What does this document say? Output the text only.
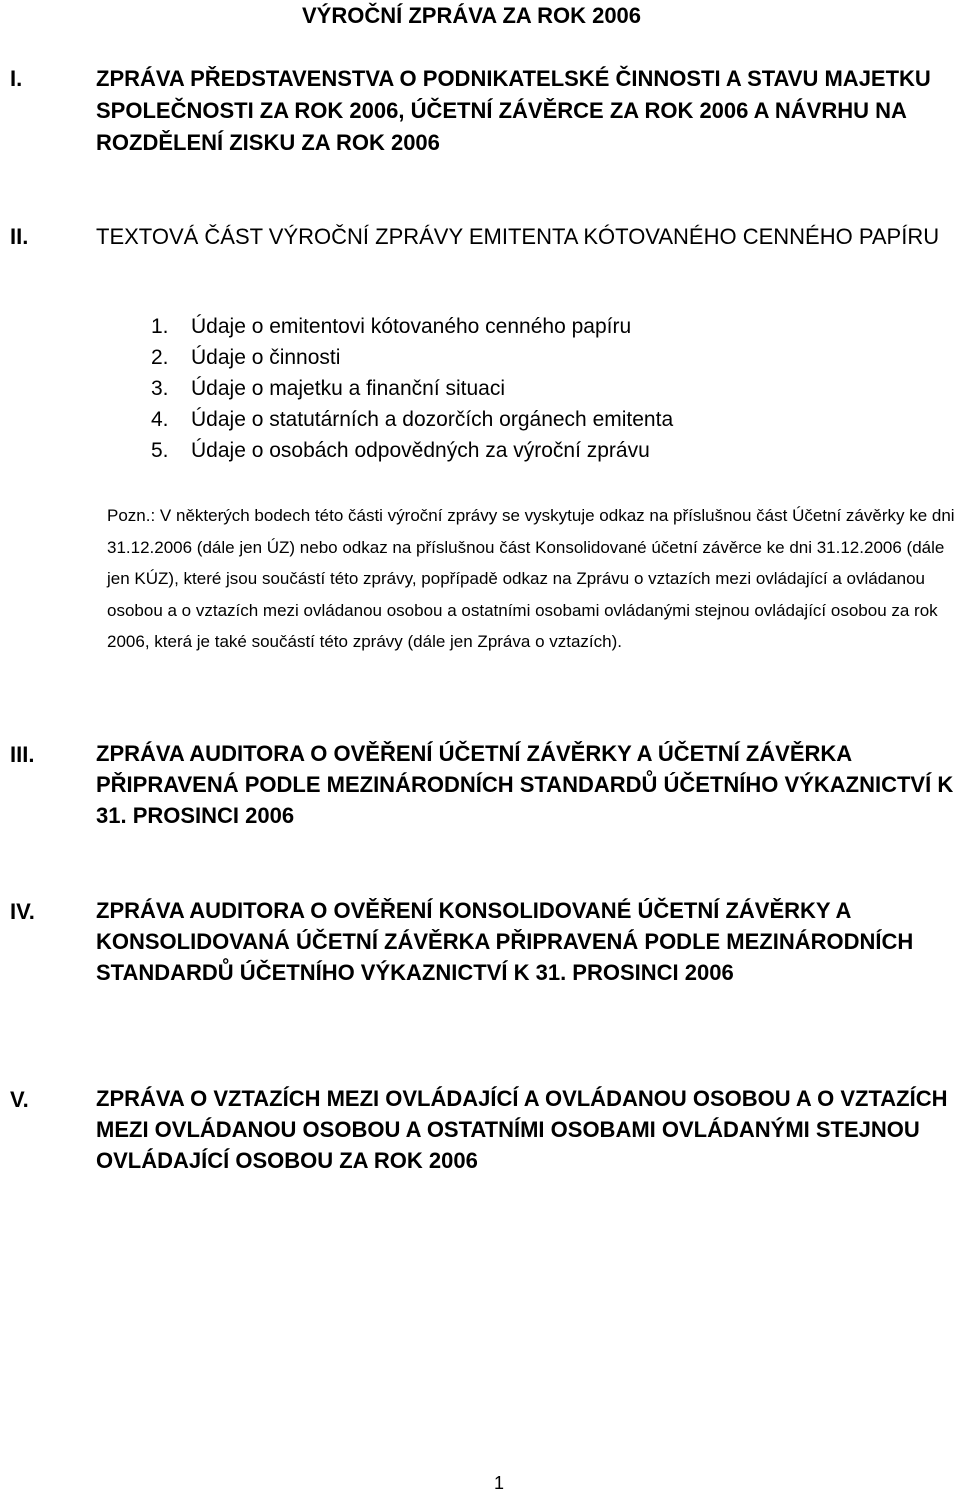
VÝROČNÍ ZPRÁVA ZA ROK 2006
I.	ZPRÁVA PŘEDSTAVENSTVA O PODNIKATELSKÉ ČINNOSTI A STAVU MAJETKU SPOLEČNOSTI ZA ROK 2006, ÚČETNÍ ZÁVĚRCE ZA ROK 2006 A NÁVRHU NA ROZDĚLENÍ ZISKU ZA ROK 2006
II.	TEXTOVÁ ČÁST VÝROČNÍ ZPRÁVY EMITENTA KÓTOVANÉHO CENNÉHO PAPÍRU
1. Údaje o emitentovi kótovaného cenného papíru
2. Údaje o činnosti
3. Údaje o majetku a finanční situaci
4. Údaje o statutárních a dozorčích orgánech emitenta
5. Údaje o osobách odpovědných za výroční zprávu
Pozn.: V některých bodech této části výroční zprávy se vyskytuje odkaz na příslušnou část Účetní závěrky ke dni 31.12.2006 (dále jen ÚZ) nebo odkaz na příslušnou část Konsolidované účetní závěrce ke dni 31.12.2006 (dále jen KÚZ), které jsou součástí této zprávy, popřípadě odkaz na Zprávu o vztazích mezi ovládající a ovládanou osobou a o vztazích mezi ovládanou osobou a ostatními osobami ovládanými stejnou ovládající osobou za rok 2006, která je také součástí této zprávy (dále jen Zpráva o vztazích).
III.	ZPRÁVA AUDITORA O OVĚŘENÍ ÚČETNÍ ZÁVĚRKY A ÚČETNÍ ZÁVĚRKA PŘIPRAVENÁ PODLE MEZINÁRODNÍCH STANDARDŮ ÚČETNÍHO VÝKAZNICTVÍ K 31. PROSINCI 2006
IV.	ZPRÁVA AUDITORA O OVĚŘENÍ KONSOLIDOVANÉ ÚČETNÍ ZÁVĚRKY A KONSOLIDOVANÁ ÚČETNÍ ZÁVĚRKA PŘIPRAVENÁ PODLE MEZINÁRODNÍCH STANDARDŮ ÚČETNÍHO VÝKAZNICTVÍ K 31. PROSINCI 2006
V.	ZPRÁVA O VZTAZÍCH MEZI OVLÁDAJÍCÍ A OVLÁDANOU OSOBOU A O VZTAZÍCH MEZI OVLÁDANOU OSOBOU A OSTATNÍMI OSOBAMI OVLÁDANÝMI STEJNOU OVLÁDAJÍCÍ OSOBOU ZA ROK 2006
1
